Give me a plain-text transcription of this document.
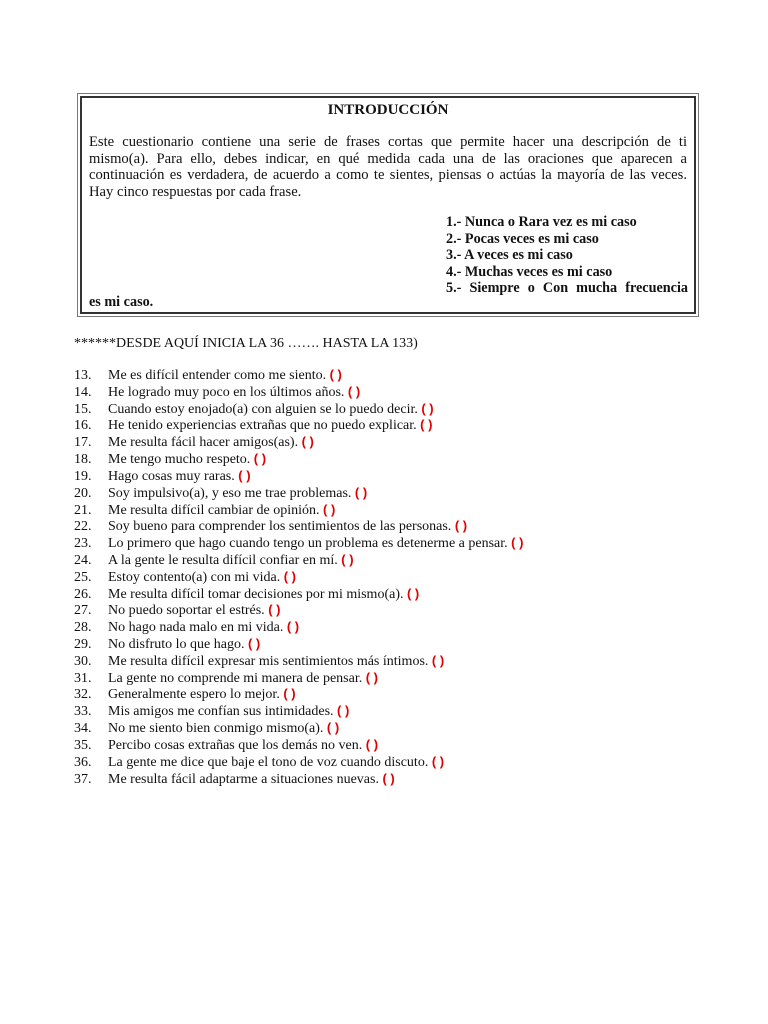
INTRODUCCIÓN
Este cuestionario contiene una serie de frases cortas que permite hacer una descripción de ti mismo(a). Para ello, debes indicar, en qué medida cada una de las oraciones que aparecen a continuación es verdadera, de acuerdo a como te sientes, piensas o actúas la mayoría de las veces. Hay cinco respuestas por cada frase.
1.- Nunca o Rara vez es mi caso
2.- Pocas veces es mi caso
3.- A veces es mi caso
4.- Muchas veces es mi caso
5.- Siempre o Con mucha frecuencia
es mi caso.
******DESDE AQUÍ INICIA LA 36 ……. HASTA LA 133)
13. Me es difícil entender como me siento. ( )
14. He logrado muy poco en los últimos años. ( )
15. Cuando estoy enojado(a) con alguien se lo puedo decir. ( )
16. He tenido experiencias extrañas que no puedo explicar. ( )
17. Me resulta fácil hacer amigos(as). ( )
18. Me tengo mucho respeto. ( )
19. Hago cosas muy raras. ( )
20. Soy impulsivo(a), y eso me trae problemas. ( )
21. Me resulta difícil cambiar de opinión. ( )
22. Soy bueno para comprender los sentimientos de las personas. ( )
23. Lo primero que hago cuando tengo un problema es detenerme a pensar. ( )
24. A la gente le resulta difícil confiar en mí. ( )
25. Estoy contento(a) con mi vida. ( )
26. Me resulta difícil tomar decisiones por mi mismo(a). ( )
27. No puedo soportar el estrés. ( )
28. No hago nada malo en mi vida. ( )
29. No disfruto lo que hago. ( )
30. Me resulta difícil expresar mis sentimientos más íntimos. ( )
31. La gente no comprende mi manera de pensar. ( )
32. Generalmente espero lo mejor. ( )
33. Mis amigos me confían sus intimidades. ( )
34. No me siento bien conmigo mismo(a). ( )
35. Percibo cosas extrañas que los demás no ven. ( )
36. La gente me dice que baje el tono de voz cuando discuto. ( )
37. Me resulta fácil adaptarme a situaciones nuevas. ( )
